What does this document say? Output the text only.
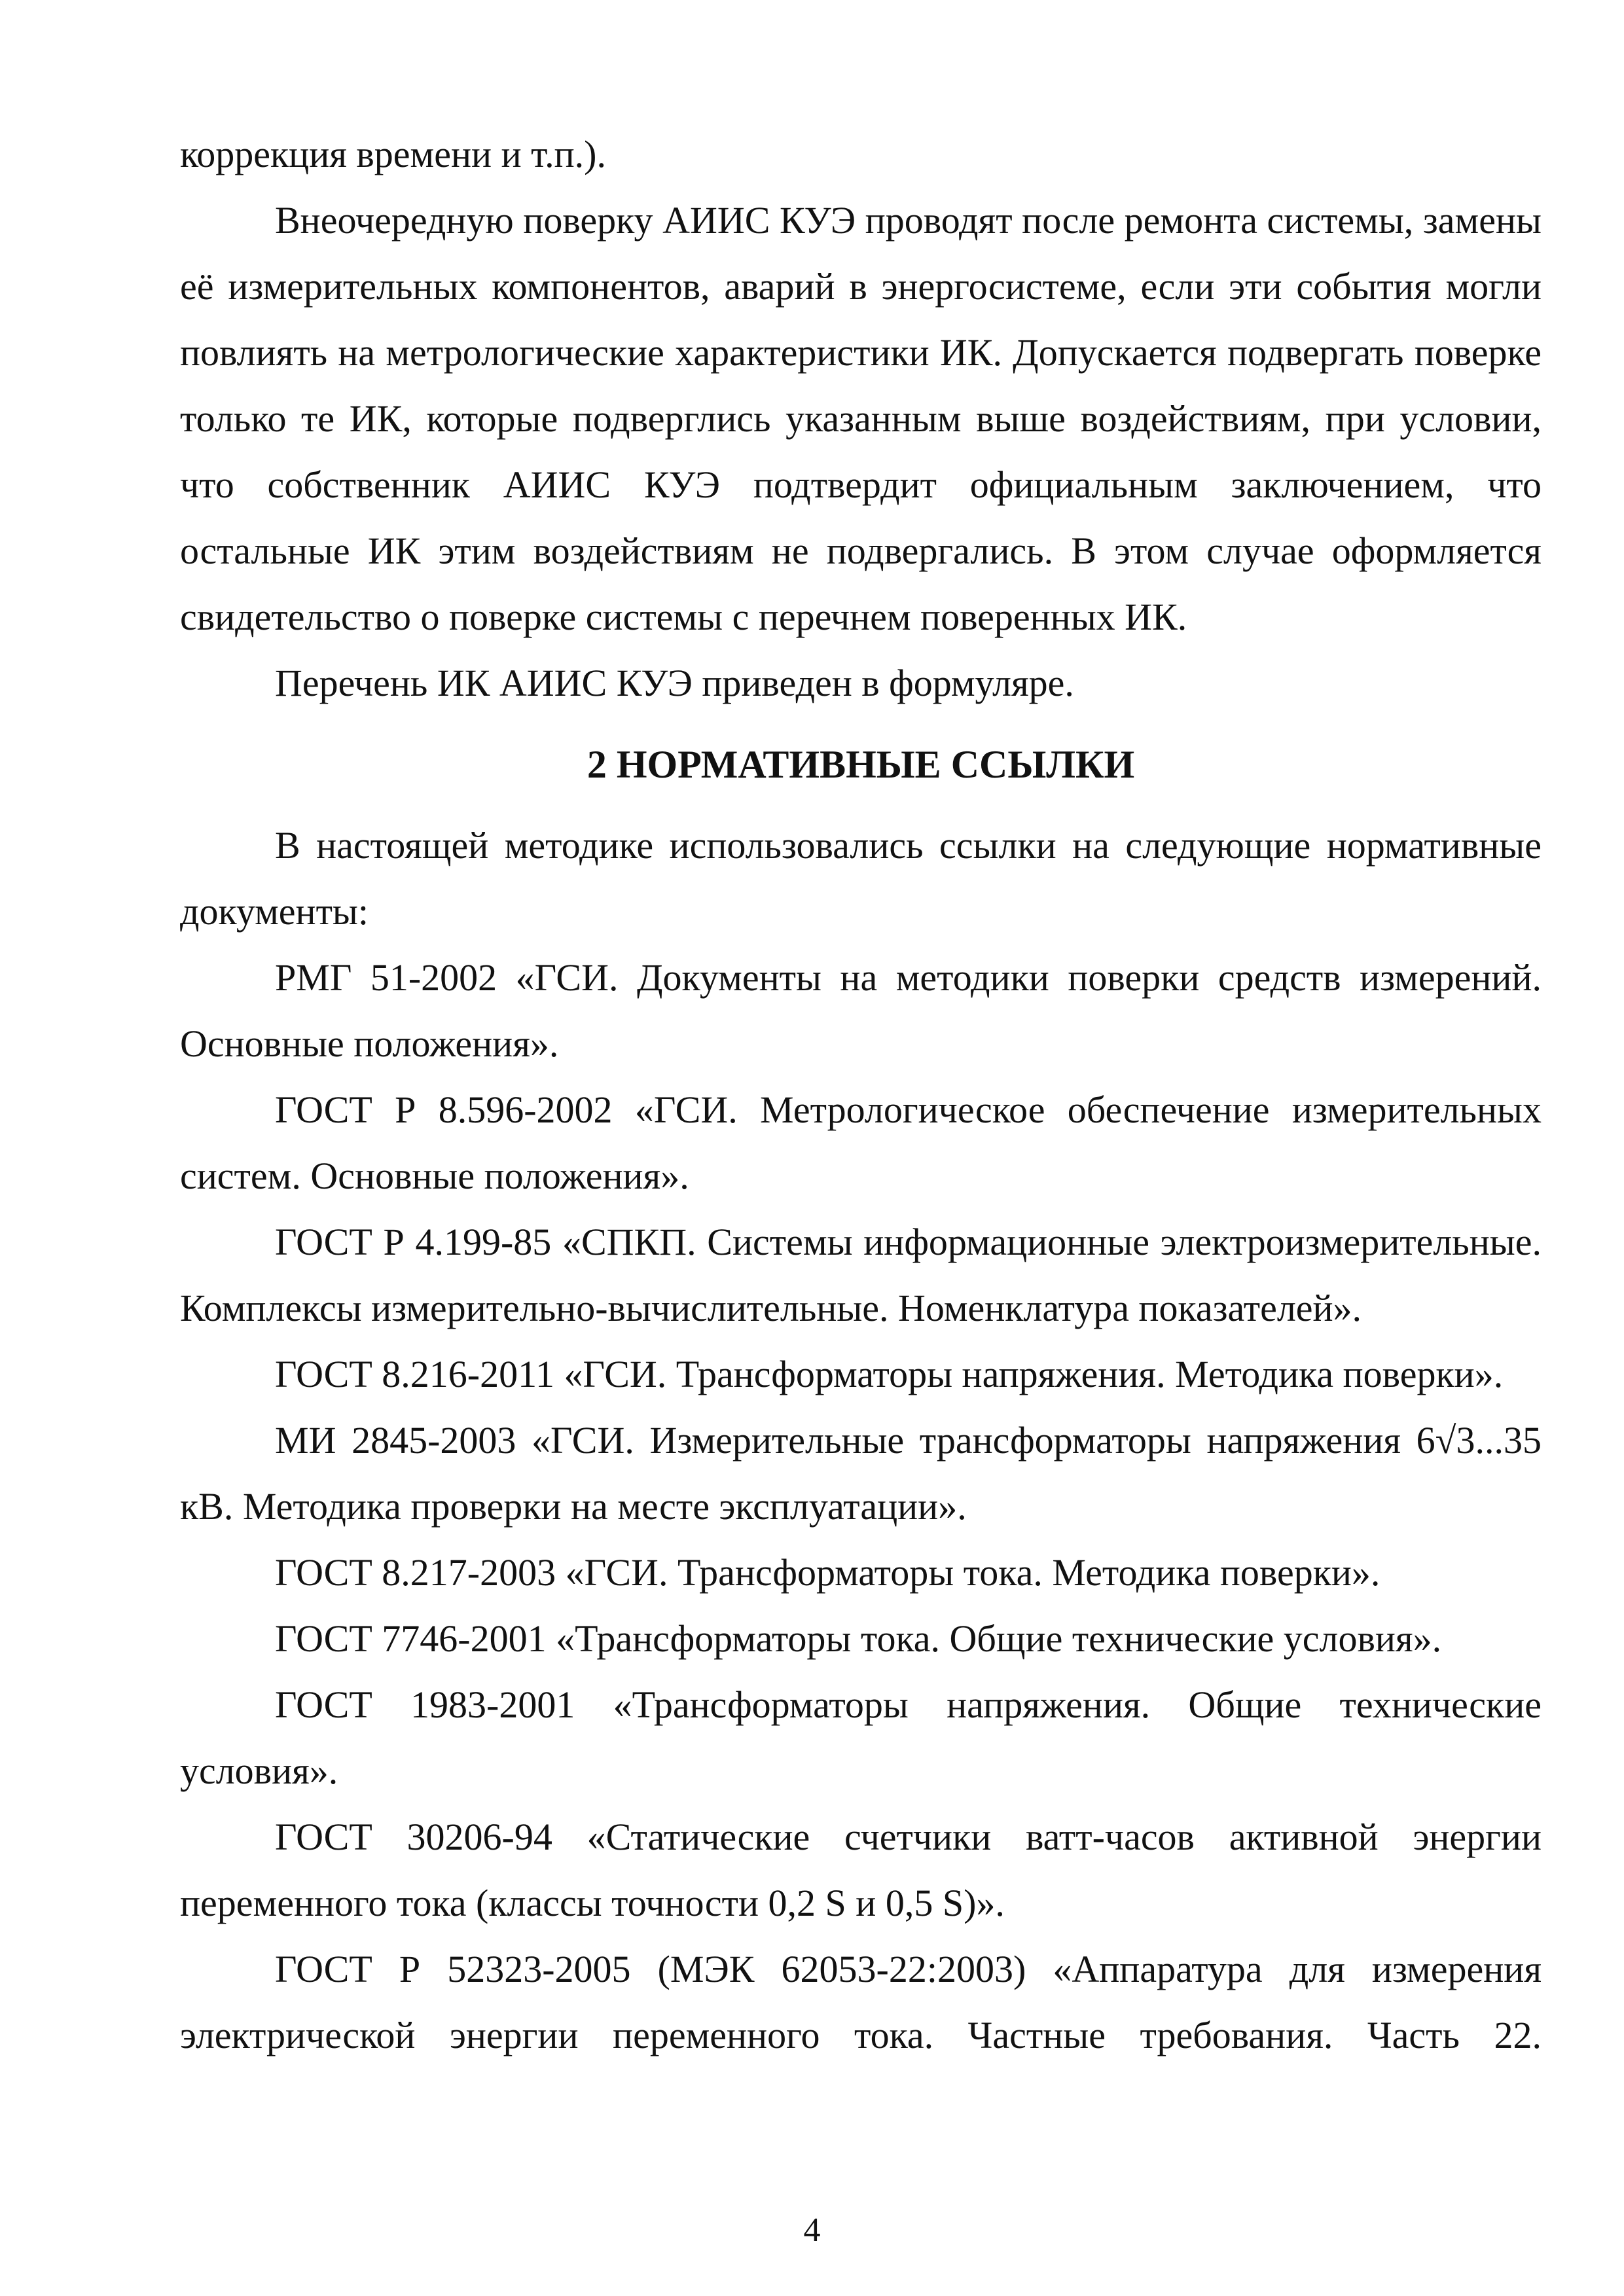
коррекция времени и т.п.).

Внеочередную поверку АИИС КУЭ проводят после ремонта системы, замены её измерительных компонентов, аварий в энергосистеме, если эти события могли повлиять на метрологические характеристики ИК. Допускается подвергать поверке только те ИК, которые подверглись указанным выше воздействиям, при условии, что собственник АИИС КУЭ подтвердит официальным заключением, что остальные ИК этим воздействиям не подвергались. В этом случае оформляется свидетельство о поверке системы с перечнем поверенных ИК.

Перечень ИК АИИС КУЭ приведен в формуляре.

2 НОРМАТИВНЫЕ ССЫЛКИ

В настоящей методике использовались ссылки на следующие нормативные документы:

РМГ 51-2002 «ГСИ. Документы на методики поверки средств измерений. Основные положения».

ГОСТ Р 8.596-2002 «ГСИ. Метрологическое обеспечение измерительных систем. Основные положения».

ГОСТ Р 4.199-85 «СПКП. Системы информационные электроизмерительные. Комплексы измерительно-вычислительные. Номенклатура показателей».

ГОСТ 8.216-2011 «ГСИ. Трансформаторы напряжения. Методика поверки».

МИ 2845-2003 «ГСИ. Измерительные трансформаторы напряжения 6√3...35 кВ. Методика проверки на месте эксплуатации».

ГОСТ 8.217-2003 «ГСИ. Трансформаторы тока. Методика поверки».

ГОСТ 7746-2001 «Трансформаторы тока. Общие технические условия».

ГОСТ 1983-2001 «Трансформаторы напряжения. Общие технические условия».

ГОСТ 30206-94 «Статические счетчики ватт-часов активной энергии переменного тока (классы точности 0,2 S и 0,5 S)».

ГОСТ Р 52323-2005 (МЭК 62053-22:2003) «Аппаратура для измерения электрической энергии переменного тока. Частные требования. Часть 22.

4
